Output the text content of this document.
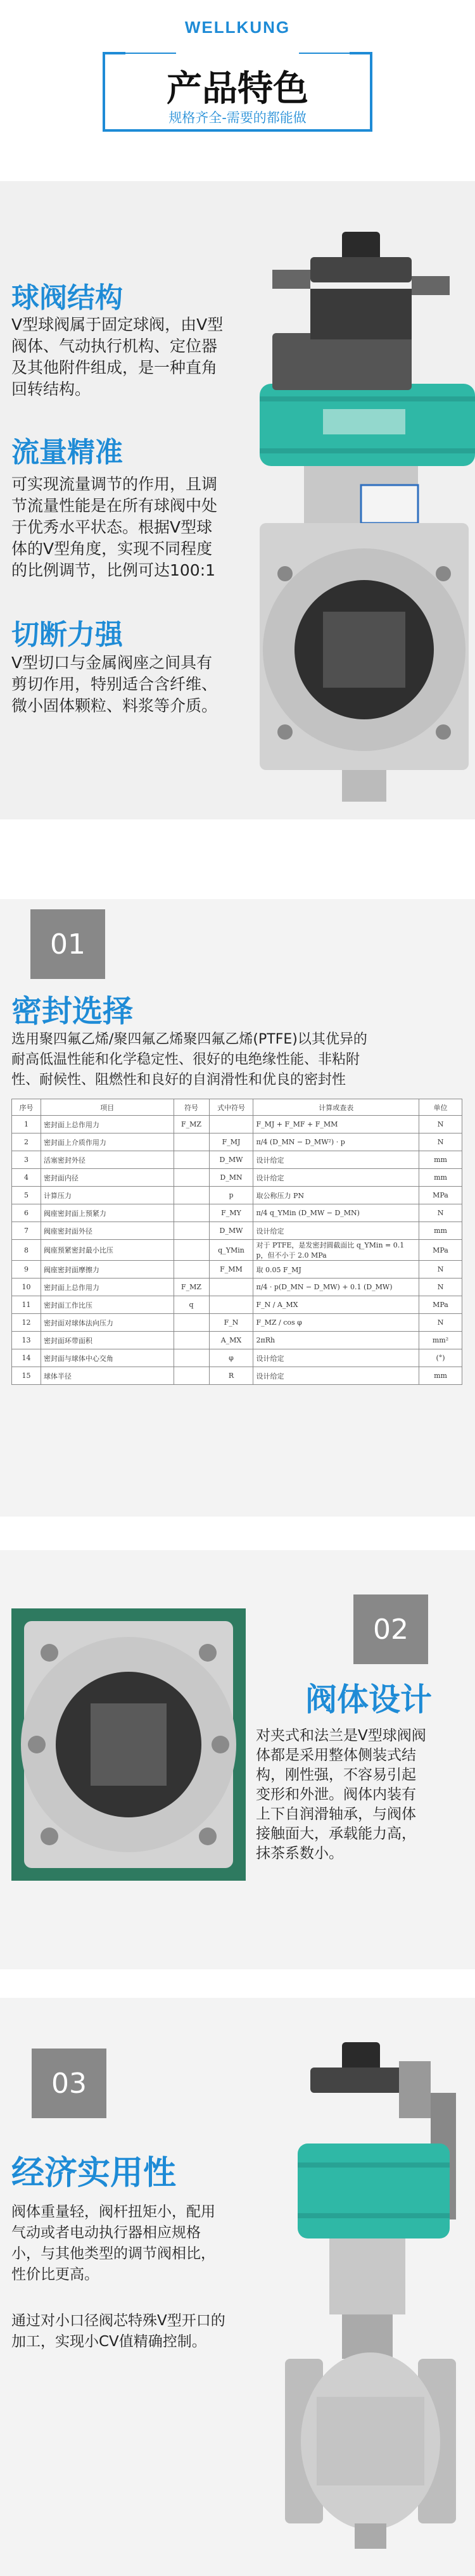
WELLKUNG
产品特色
规格齐全-需要的都能做
球阀结构
V型球阀属于固定球阀，由V型
阀体、气动执行机构、定位器
及其他附件组成，是一种直角
回转结构。
流量精准
可实现流量调节的作用，且调
节流量性能是在所有球阀中处
于优秀水平状态。根据V型球
体的V型角度，实现不同程度
的比例调节，比例可达100:1
切断力强
V型切口与金属阀座之间具有
剪切作用，特别适合含纤维、
微小固体颗粒、料浆等介质。
01
密封选择
选用聚四氟乙烯/聚四氟乙烯聚四氟乙烯(PTFE)以其优异的
耐高低温性能和化学稳定性、很好的电绝缘性能、非粘附
性、耐候性、阻燃性和良好的自润滑性和优良的密封性
序号	项目	符号	式中符号	计算或查表	单位
1	密封面上总作用力	F_MZ		F_MJ + F_MF + F_MM	N
2	密封面上介质作用力		F_MJ	π/4 (D_MN − D_MW²) · p	N
3	活塞密封外径		D_MW	设计给定	mm
4	密封面内径		D_MN	设计给定	mm
5	计算压力		p	取公称压力 PN	MPa
6	阀座密封面上预紧力		F_MY	π/4 q_YMin (D_MW − D_MN)	N
7	阀座密封面外径		D_MW	设计给定	mm
8	阀座预紧密封最小比压		q_YMin	对于 PTFE，是发密封圆截面比 q_YMin = 0.1 p，但不小于 2.0 MPa	MPa
9	阀座密封面摩擦力		F_MM	取 0.05 F_MJ	N
10	密封面上总作用力	F_MZ		π/4 · p(D_MN − D_MW) + 0.1 (D_MW)	N
11	密封面工作比压	q		F_N / A_MX	MPa
12	密封面对球体法向压力		F_N	F_MZ / cos φ	N
13	密封面环带面积		A_MX	2πRh	mm²
14	密封面与球体中心交角		φ	设计给定	(°)
15	球体半径		R	设计给定	mm
02
阀体设计
对夹式和法兰是V型球阀阀
体都是采用整体侧装式结
构，刚性强，不容易引起
变形和外泄。阀体内装有
上下自润滑轴承，与阀体
接触面大，承载能力高，
抹茶系数小。
03
经济实用性
阀体重量轻，阀杆扭矩小，配用
气动或者电动执行器相应规格
小，与其他类型的调节阀相比，
性价比更高。
通过对小口径阀芯特殊V型开口的
加工，实现小CV值精确控制。
